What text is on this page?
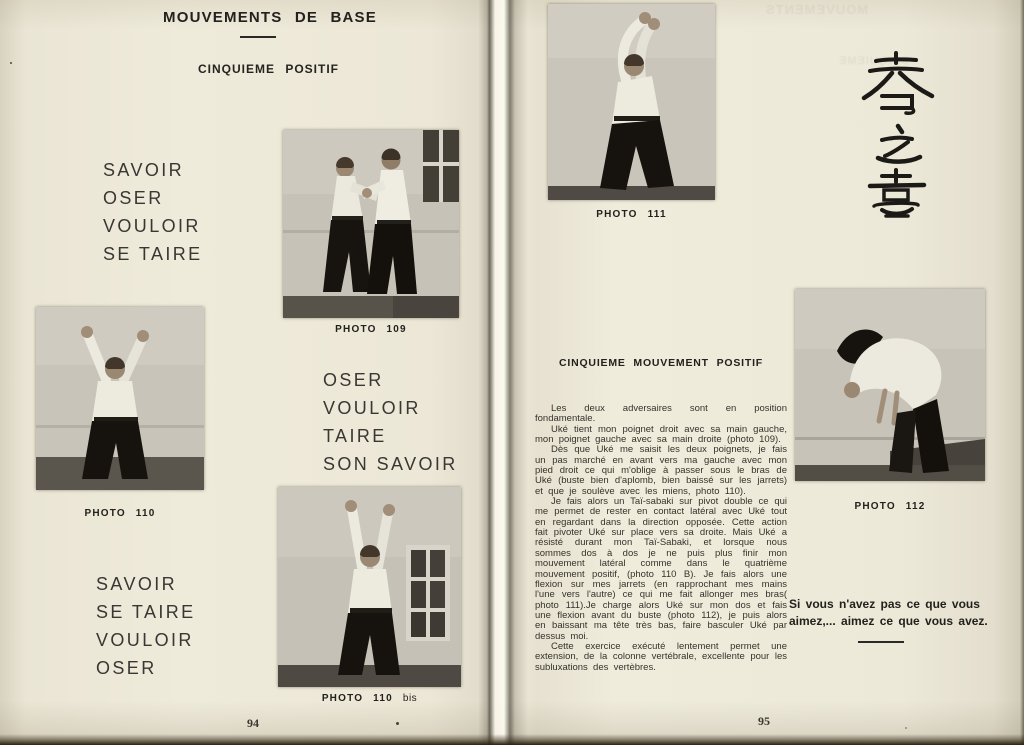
MOUVEMENTS DE BASE
CINQUIEME POSITIF
SAVOIR
OSER
VOULOIR
SE TAIRE
PHOTO 109
PHOTO 110
OSER
VOULOIR
TAIRE
SON SAVOIR
SAVOIR
SE TAIRE
VOULOIR
OSER
PHOTO 110 bis
94
MOUVEMENTS
CINQUIEME
PHOTO 111
PHOTO 112
CINQUIEME MOUVEMENT POSITIF

Les deux adversaires sont en position fondamentale.

Uké tient mon poignet droit avec sa main gauche, mon poignet gauche avec sa main droite (photo 109).

Dès que Uké me saisit les deux poignets, je fais un pas marché en avant vers ma gauche avec mon pied droit ce qui m'oblige à passer sous le bras de Uké (buste bien d'aplomb, bien baissé sur les jarrets) et que je soulève avec les miens, photo 110).

Je fais alors un Taï-sabaki sur pivot double ce qui me permet de rester en contact latéral avec Uké tout en regardant dans la direction opposée. Cette action fait pivoter Uké sur place vers sa droite. Mais Uké a résisté durant mon Taï-Sabaki, et lorsque nous sommes dos à dos je ne puis plus finir mon mouvement latéral comme dans le quatrième mouvement positif, (photo 110 B). Je fais alors une flexion sur mes jarrets (en rapprochant mes mains l'une vers l'autre) ce qui me fait allonger mes bras( photo 111).Je charge alors Uké sur mon dos et fais une flexion avant du buste (photo 112), je puis alors en baissant ma tête très bas, faire basculer Uké par dessus moi.

Cette exercice exécuté lentement permet une extension, de la colonne vertébrale, excellente pour les subluxations des vertèbres.

Si vous n'avez pas ce que vous aimez,... aimez ce que vous avez.
95
